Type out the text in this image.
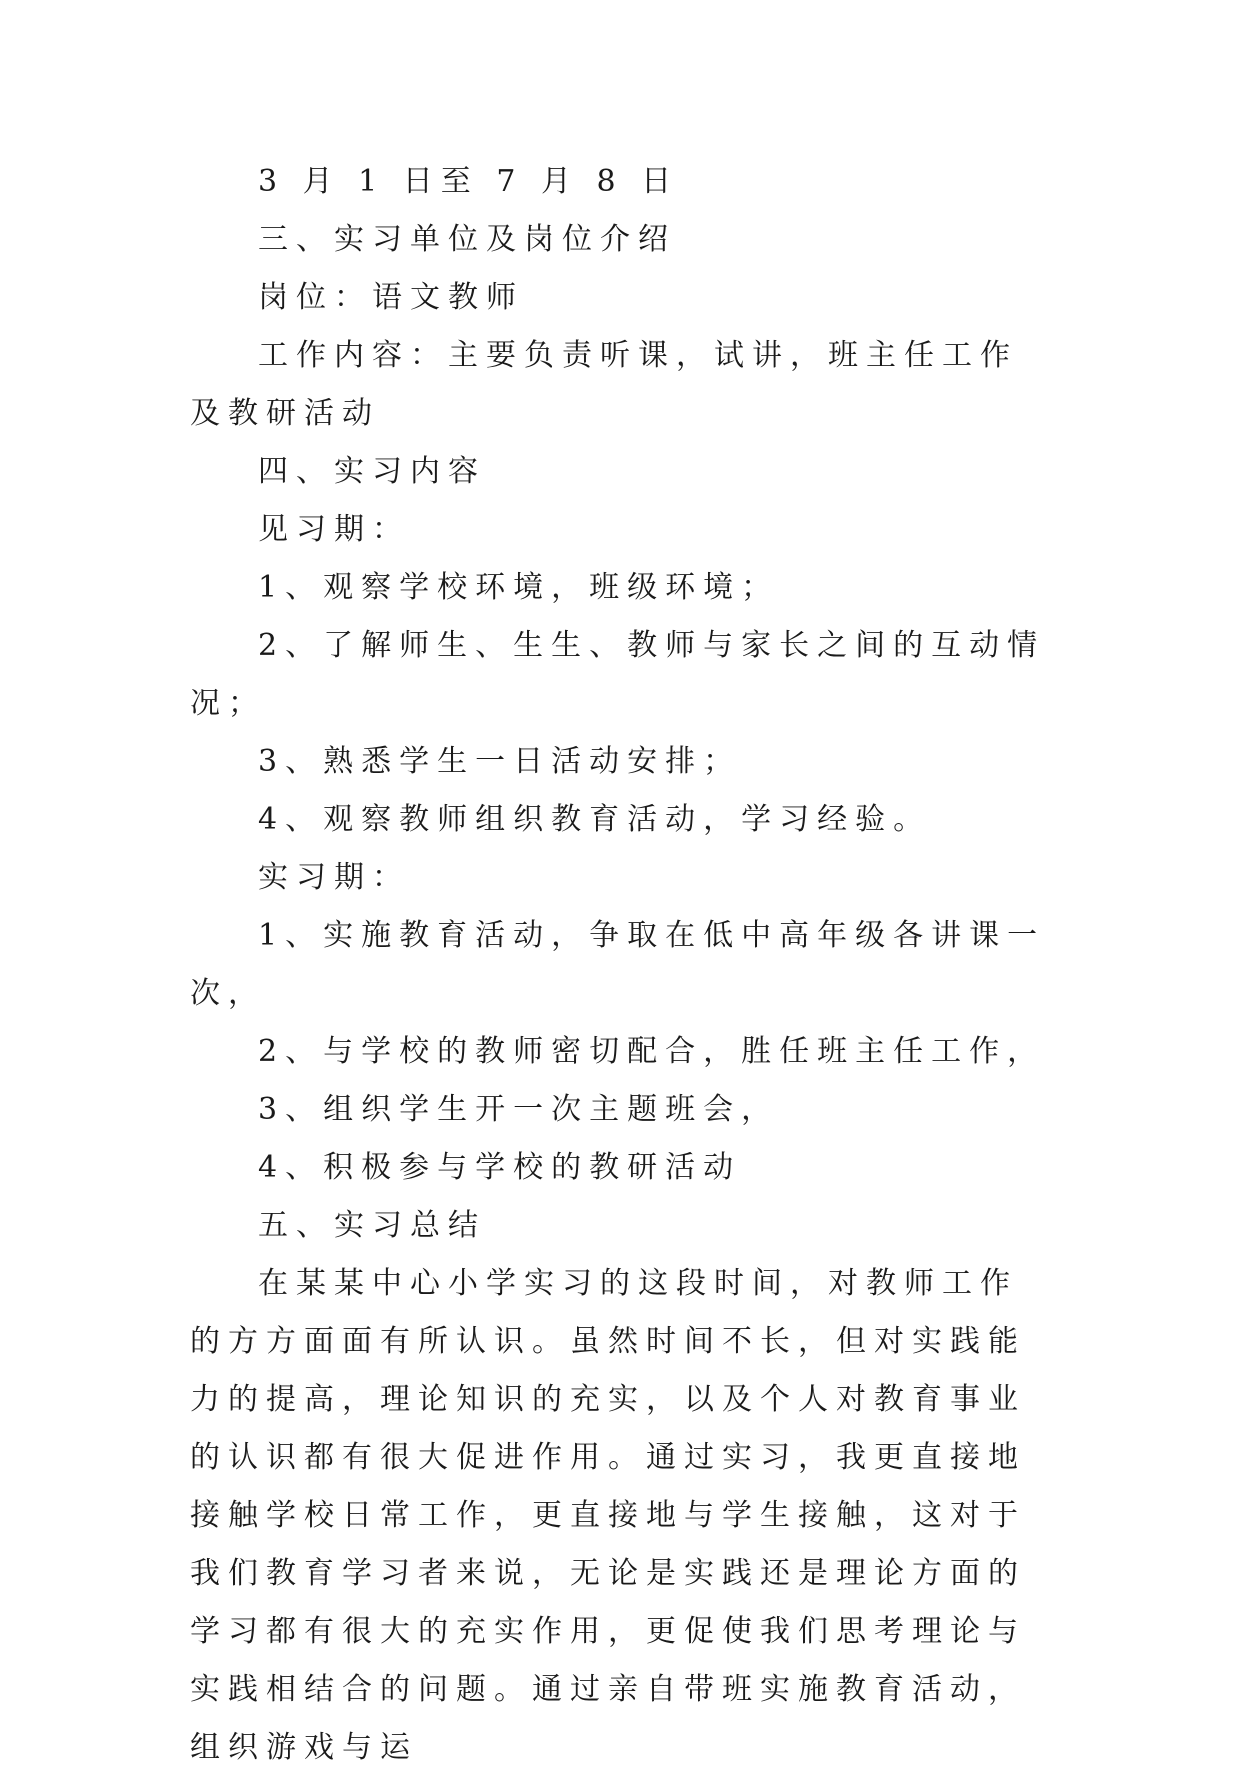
3 月 1 日至 7 月 8 日

三、实习单位及岗位介绍

岗位：语文教师

工作内容：主要负责听课，试讲，班主任工作及教研活动

四、实习内容

见习期：

1、观察学校环境，班级环境；

2、了解师生、生生、教师与家长之间的互动情况；

3、熟悉学生一日活动安排；

4、观察教师组织教育活动，学习经验。

实习期：

1、实施教育活动，争取在低中高年级各讲课一次，

2、与学校的教师密切配合，胜任班主任工作，

3、组织学生开一次主题班会，

4、积极参与学校的教研活动

五、实习总结

在某某中心小学实习的这段时间，对教师工作的方方面面有所认识。虽然时间不长，但对实践能力的提高，理论知识的充实，以及个人对教育事业的认识都有很大促进作用。通过实习，我更直接地接触学校日常工作，更直接地与学生接触，这对于我们教育学习者来说，无论是实践还是理论方面的学习都有很大的充实作用，更促使我们思考理论与实践相结合的问题。通过亲自带班实施教育活动，组织游戏与运
